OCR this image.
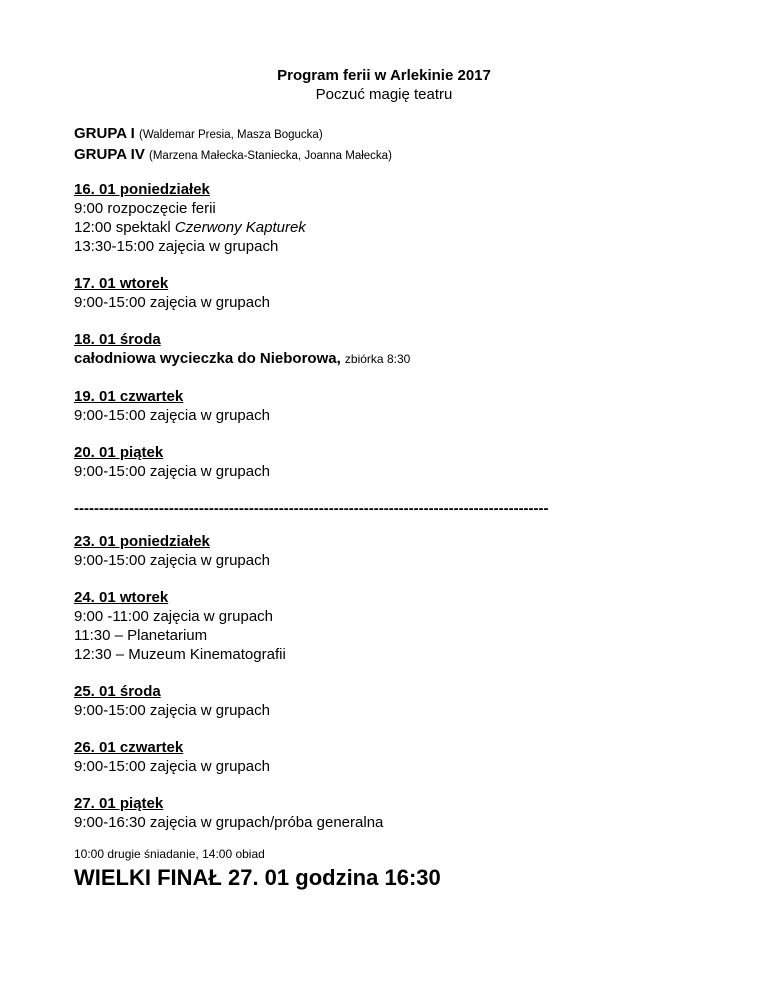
Program ferii w Arlekinie 2017
Poczuć magię teatru
GRUPA I (Waldemar Presia, Masza Bogucka)
GRUPA IV (Marzena Małecka-Staniecka, Joanna Małecka)
16. 01 poniedziałek
9:00 rozpoczęcie ferii
12:00 spektakl Czerwony Kapturek
13:30-15:00 zajęcia w grupach
17. 01 wtorek
9:00-15:00 zajęcia w grupach
18. 01 środa
całodniowa wycieczka do Nieborowa, zbiórka 8:30
19. 01 czwartek
9:00-15:00 zajęcia w grupach
20. 01 piątek
9:00-15:00 zajęcia w grupach
-----------------------------------------------------------------------------------------------
23. 01 poniedziałek
9:00-15:00 zajęcia w grupach
24. 01 wtorek
9:00 -11:00 zajęcia w grupach
11:30 – Planetarium
12:30 – Muzeum Kinematografii
25. 01 środa
9:00-15:00 zajęcia w grupach
26. 01 czwartek
9:00-15:00 zajęcia w grupach
27. 01 piątek
9:00-16:30 zajęcia w grupach/próba generalna
10:00 drugie śniadanie, 14:00 obiad
WIELKI FINAŁ 27. 01 godzina 16:30
